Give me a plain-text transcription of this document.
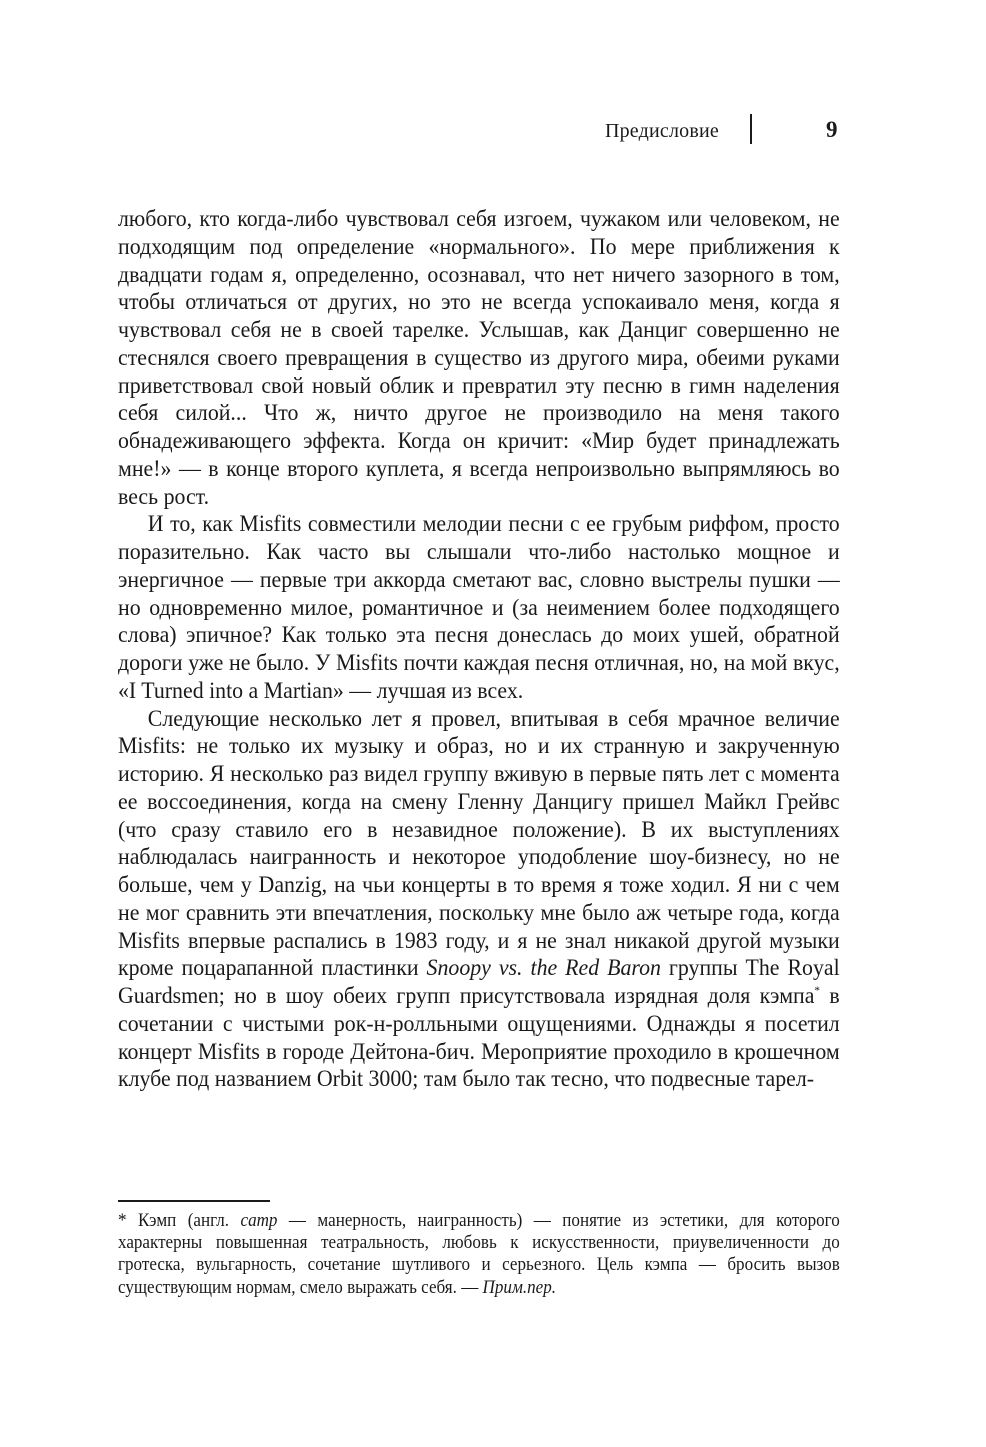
Предисловие	9

любого, кто когда-либо чувствовал себя изгоем, чужаком или человеком, не подходящим под определение «нормального». По мере приближения к двадцати годам я, определенно, осознавал, что нет ничего зазорного в том, чтобы отличаться от других, но это не всегда успокаивало меня, когда я чувствовал себя не в своей тарелке. Услышав, как Данциг совершенно не стеснялся своего превращения в существо из другого мира, обеими руками приветствовал свой новый облик и превратил эту песню в гимн наделения себя силой... Что ж, ничто другое не производило на меня такого обнадеживающего эффекта. Когда он кричит: «Мир будет принадлежать мне!» — в конце второго куплета, я всегда непроизвольно выпрямляюсь во весь рост.

И то, как Misfits совместили мелодии песни с ее грубым риффом, просто поразительно. Как часто вы слышали что-либо настолько мощное и энергичное — первые три аккорда сметают вас, словно выстрелы пушки — но одновременно милое, романтичное и (за неимением более подходящего слова) эпичное? Как только эта песня донеслась до моих ушей, обратной дороги уже не было. У Misfits почти каждая песня отличная, но, на мой вкус, «I Turned into a Martian» — лучшая из всех.

Следующие несколько лет я провел, впитывая в себя мрачное величие Misfits: не только их музыку и образ, но и их странную и закрученную историю. Я несколько раз видел группу вживую в первые пять лет с момента ее воссоединения, когда на смену Гленну Данцигу пришел Майкл Грейвс (что сразу ставило его в незавидное положение). В их выступлениях наблюдалась наигранность и некоторое уподобление шоу-бизнесу, но не больше, чем у Danzig, на чьи концерты в то время я тоже ходил. Я ни с чем не мог сравнить эти впечатления, поскольку мне было аж четыре года, когда Misfits впервые распались в 1983 году, и я не знал никакой другой музыки кроме поцарапанной пластинки Snoopy vs. the Red Baron группы The Royal Guardsmen; но в шоу обеих групп присутствовала изрядная доля кэмпа* в сочетании с чистыми рок-н-ролльными ощущениями. Однажды я посетил концерт Misfits в городе Дейтона-бич. Мероприятие проходило в крошечном клубе под названием Orbit 3000; там было так тесно, что подвесные тарел-

* Кэмп (англ. camp — манерность, наигранность) — понятие из эстетики, для которого характерны повышенная театральность, любовь к искусственности, приувеличенности до гротеска, вульгарность, сочетание шутливого и серьезного. Цель кэмпа — бросить вызов существующим нормам, смело выражать себя. — Прим.пер.
